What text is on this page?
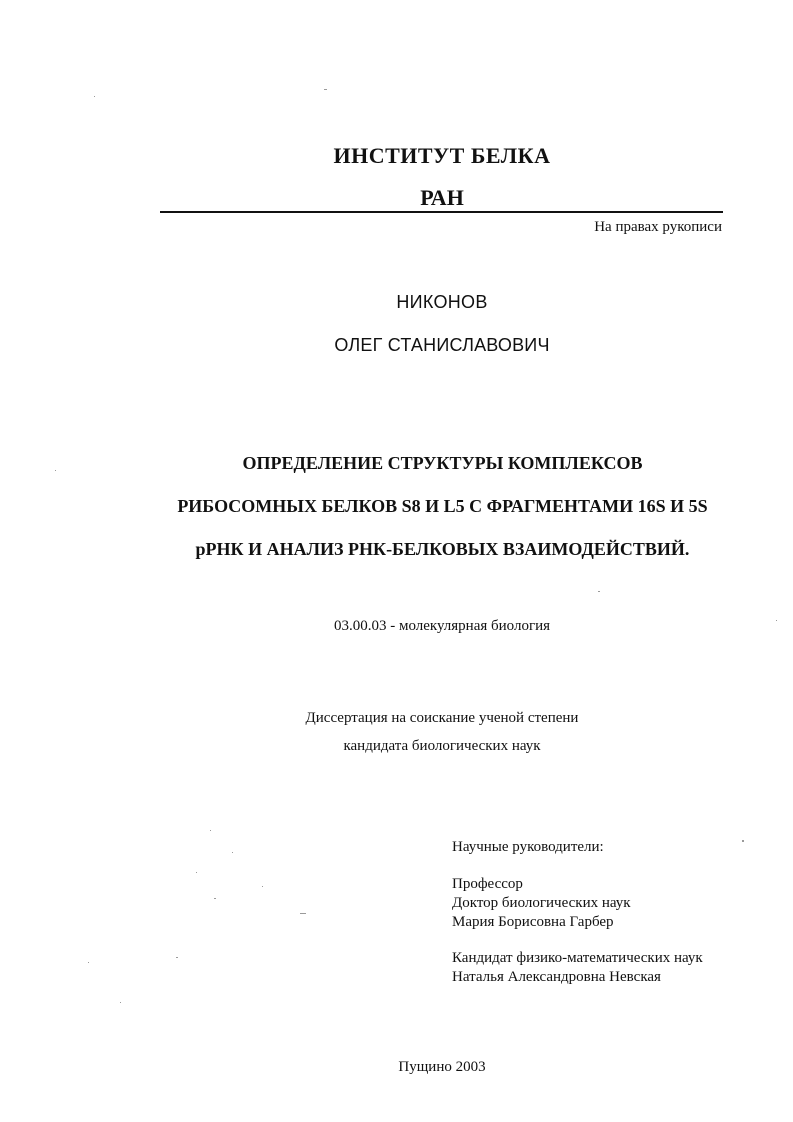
ИНСТИТУТ БЕЛКА
РАН
На правах рукописи
НИКОНОВ
ОЛЕГ СТАНИСЛАВОВИЧ
ОПРЕДЕЛЕНИЕ СТРУКТУРЫ КОМПЛЕКСОВ
РИБОСОМНЫХ БЕЛКОВ S8 И L5 С ФРАГМЕНТАМИ 16S И 5S
рРНК И АНАЛИЗ РНК-БЕЛКОВЫХ ВЗАИМОДЕЙСТВИЙ.
03.00.03 - молекулярная биология
Диссертация на соискание ученой степени
кандидата биологических наук
Научные руководители:
Профессор
Доктор биологических наук
Мария Борисовна Гарбер
Кандидат физико-математических наук
Наталья Александровна Невская
Пущино 2003
